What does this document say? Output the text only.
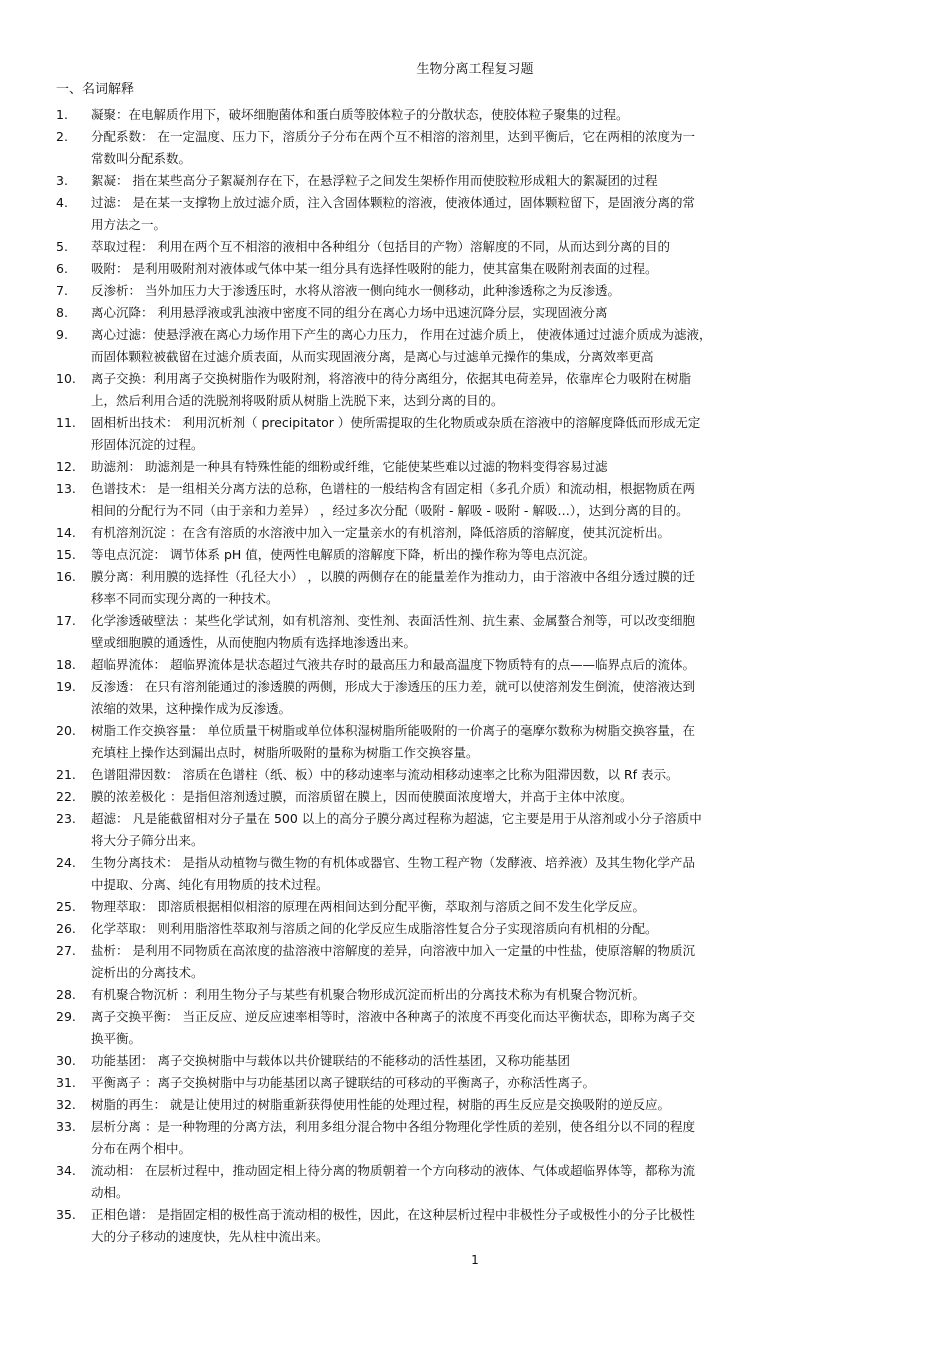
生物分离工程复习题
一、名词解释
1. 凝聚：在电解质作用下，破坏细胞菌体和蛋白质等胶体粒子的分散状态，使胶体粒子聚集的过程。
2. 分配系数： 在一定温度、压力下，溶质分子分布在两个互不相溶的溶剂里，达到平衡后，它在两相的浓度为一
常数叫分配系数。
3. 絮凝： 指在某些高分子絮凝剂存在下，在悬浮粒子之间发生架桥作用而使胶粒形成粗大的絮凝团的过程
4. 过滤： 是在某一支撑物上放过滤介质，注入含固体颗粒的溶液，使液体通过，固体颗粒留下，是固液分离的常
用方法之一。
5. 萃取过程： 利用在两个互不相溶的液相中各种组分（包括目的产物）溶解度的不同，从而达到分离的目的
6. 吸附： 是利用吸附剂对液体或气体中某一组分具有选择性吸附的能力，使其富集在吸附剂表面的过程。
7. 反渗析： 当外加压力大于渗透压时，水将从溶液一侧向纯水一侧移动，此种渗透称之为反渗透。
8. 离心沉降： 利用悬浮液或乳浊液中密度不同的组分在离心力场中迅速沉降分层，实现固液分离
9. 离心过滤：使悬浮液在离心力场作用下产生的离心力压力， 作用在过滤介质上， 使液体通过过滤介质成为滤液，
而固体颗粒被截留在过滤介质表面，从而实现固液分离，是离心与过滤单元操作的集成，分离效率更高
10. 离子交换：利用离子交换树脂作为吸附剂，将溶液中的待分离组分，依据其电荷差异，依靠库仑力吸附在树脂
上，然后利用合适的洗脱剂将吸附质从树脂上洗脱下来，达到分离的目的。
11. 固相析出技术： 利用沉析剂（ precipitator ）使所需提取的生化物质或杂质在溶液中的溶解度降低而形成无定
形固体沉淀的过程。
12. 助滤剂： 助滤剂是一种具有特殊性能的细粉或纤维，它能使某些难以过滤的物料变得容易过滤
13. 色谱技术： 是一组相关分离方法的总称，色谱柱的一般结构含有固定相（多孔介质）和流动相，根据物质在两
相间的分配行为不同（由于亲和力差异） ，经过多次分配（吸附 - 解吸 - 吸附 - 解吸…），达到分离的目的。
14. 有机溶剂沉淀 ：在含有溶质的水溶液中加入一定量亲水的有机溶剂，降低溶质的溶解度，使其沉淀析出。
15. 等电点沉淀： 调节体系 pH 值，使两性电解质的溶解度下降，析出的操作称为等电点沉淀。
16. 膜分离：利用膜的选择性（孔径大小） ，以膜的两侧存在的能量差作为推动力，由于溶液中各组分透过膜的迁
移率不同而实现分离的一种技术。
17. 化学渗透破壁法 ：某些化学试剂，如有机溶剂、变性剂、表面活性剂、抗生素、金属螯合剂等，可以改变细胞
壁或细胞膜的通透性，从而使胞内物质有选择地渗透出来。
18. 超临界流体： 超临界流体是状态超过气液共存时的最高压力和最高温度下物质特有的点——临界点后的流体。
19. 反渗透： 在只有溶剂能通过的渗透膜的两侧，形成大于渗透压的压力差，就可以使溶剂发生倒流，使溶液达到
浓缩的效果，这种操作成为反渗透。
20. 树脂工作交换容量： 单位质量干树脂或单位体积湿树脂所能吸附的一价离子的毫摩尔数称为树脂交换容量，在
充填柱上操作达到漏出点时，树脂所吸附的量称为树脂工作交换容量。
21. 色谱阻滞因数： 溶质在色谱柱（纸、板）中的移动速率与流动相移动速率之比称为阻滞因数，以 Rf 表示。
22. 膜的浓差极化 ：是指但溶剂透过膜，而溶质留在膜上，因而使膜面浓度增大，并高于主体中浓度。
23. 超滤： 凡是能截留相对分子量在 500 以上的高分子膜分离过程称为超滤，它主要是用于从溶剂或小分子溶质中
将大分子筛分出来。
24. 生物分离技术： 是指从动植物与微生物的有机体或器官、生物工程产物（发酵液、培养液）及其生物化学产品
中提取、分离、纯化有用物质的技术过程。
25. 物理萃取： 即溶质根据相似相溶的原理在两相间达到分配平衡，萃取剂与溶质之间不发生化学反应。
26. 化学萃取： 则利用脂溶性萃取剂与溶质之间的化学反应生成脂溶性复合分子实现溶质向有机相的分配。
27. 盐析： 是利用不同物质在高浓度的盐溶液中溶解度的差异，向溶液中加入一定量的中性盐，使原溶解的物质沉
淀析出的分离技术。
28. 有机聚合物沉析 ：利用生物分子与某些有机聚合物形成沉淀而析出的分离技术称为有机聚合物沉析。
29. 离子交换平衡： 当正反应、逆反应速率相等时，溶液中各种离子的浓度不再变化而达平衡状态，即称为离子交
换平衡。
30. 功能基团： 离子交换树脂中与载体以共价键联结的不能移动的活性基团，又称功能基团
31. 平衡离子 ：离子交换树脂中与功能基团以离子键联结的可移动的平衡离子，亦称活性离子。
32. 树脂的再生： 就是让使用过的树脂重新获得使用性能的处理过程，树脂的再生反应是交换吸附的逆反应。
33. 层析分离 ：是一种物理的分离方法，利用多组分混合物中各组分物理化学性质的差别，使各组分以不同的程度
分布在两个相中。
34. 流动相： 在层析过程中，推动固定相上待分离的物质朝着一个方向移动的液体、气体或超临界体等，都称为流
动相。
35. 正相色谱： 是指固定相的极性高于流动相的极性，因此，在这种层析过程中非极性分子或极性小的分子比极性
大的分子移动的速度快，先从柱中流出来。
1
